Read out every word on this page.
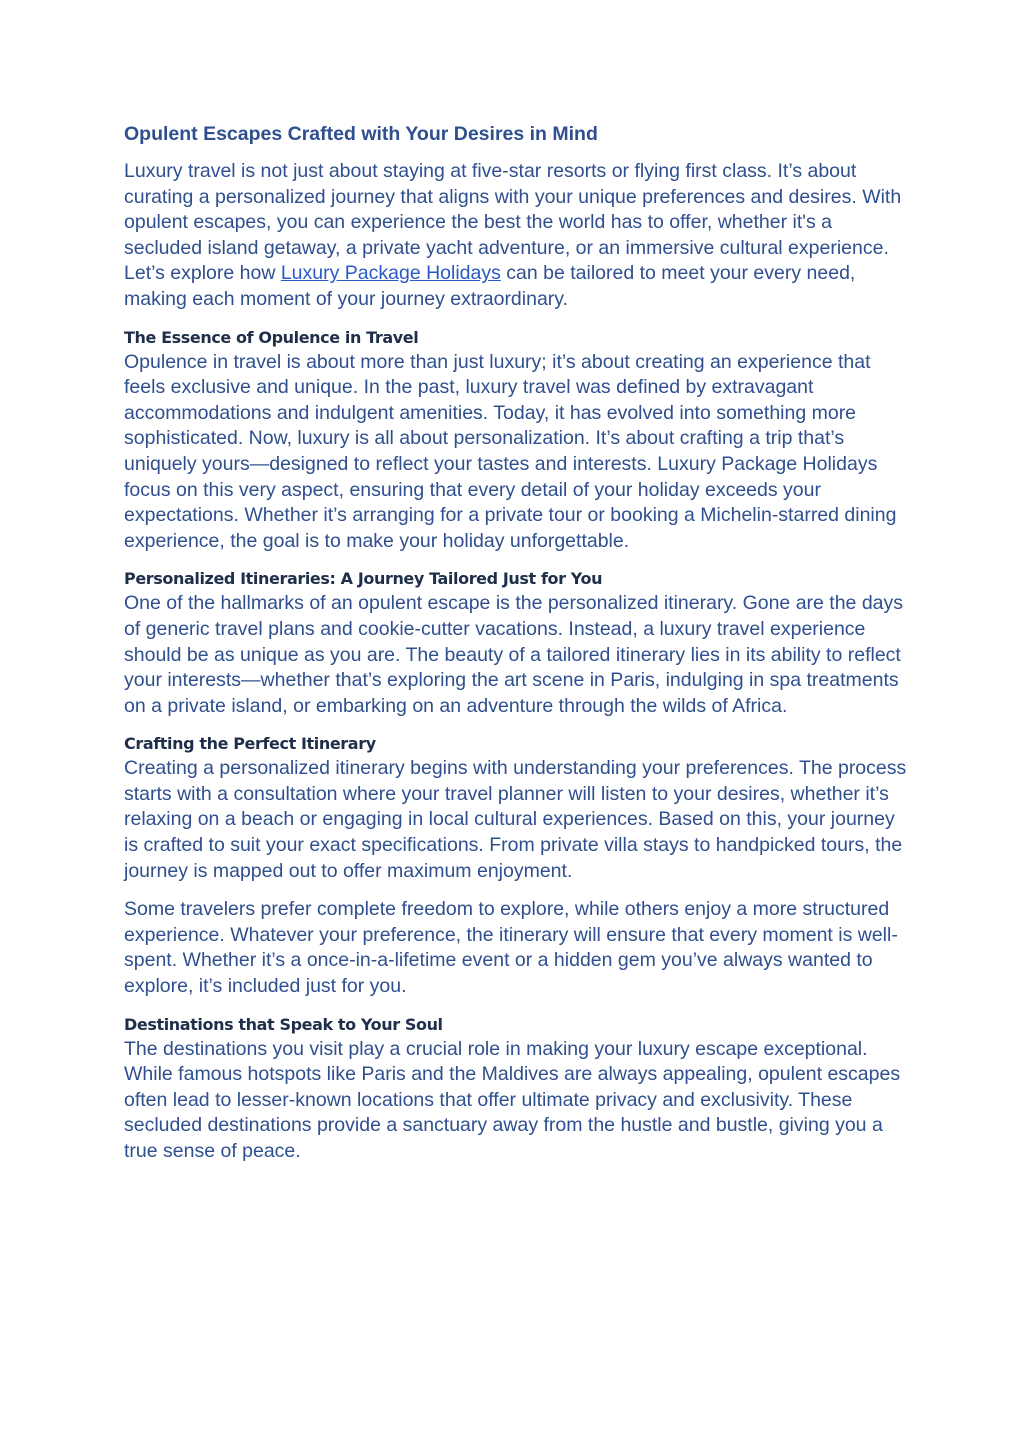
Opulent Escapes Crafted with Your Desires in Mind

Luxury travel is not just about staying at five-star resorts or flying first class. It’s about curating a personalized journey that aligns with your unique preferences and desires. With opulent escapes, you can experience the best the world has to offer, whether it's a secluded island getaway, a private yacht adventure, or an immersive cultural experience. Let’s explore how Luxury Package Holidays can be tailored to meet your every need, making each moment of your journey extraordinary.

The Essence of Opulence in Travel

Opulence in travel is about more than just luxury; it’s about creating an experience that feels exclusive and unique. In the past, luxury travel was defined by extravagant accommodations and indulgent amenities. Today, it has evolved into something more sophisticated. Now, luxury is all about personalization. It’s about crafting a trip that’s uniquely yours—designed to reflect your tastes and interests. Luxury Package Holidays focus on this very aspect, ensuring that every detail of your holiday exceeds your expectations. Whether it’s arranging for a private tour or booking a Michelin-starred dining experience, the goal is to make your holiday unforgettable.

Personalized Itineraries: A Journey Tailored Just for You

One of the hallmarks of an opulent escape is the personalized itinerary. Gone are the days of generic travel plans and cookie-cutter vacations. Instead, a luxury travel experience should be as unique as you are. The beauty of a tailored itinerary lies in its ability to reflect your interests—whether that’s exploring the art scene in Paris, indulging in spa treatments on a private island, or embarking on an adventure through the wilds of Africa.

Crafting the Perfect Itinerary

Creating a personalized itinerary begins with understanding your preferences. The process starts with a consultation where your travel planner will listen to your desires, whether it’s relaxing on a beach or engaging in local cultural experiences. Based on this, your journey is crafted to suit your exact specifications. From private villa stays to handpicked tours, the journey is mapped out to offer maximum enjoyment.

Some travelers prefer complete freedom to explore, while others enjoy a more structured experience. Whatever your preference, the itinerary will ensure that every moment is well-spent. Whether it’s a once-in-a-lifetime event or a hidden gem you’ve always wanted to explore, it’s included just for you.

Destinations that Speak to Your Soul

The destinations you visit play a crucial role in making your luxury escape exceptional. While famous hotspots like Paris and the Maldives are always appealing, opulent escapes often lead to lesser-known locations that offer ultimate privacy and exclusivity. These secluded destinations provide a sanctuary away from the hustle and bustle, giving you a true sense of peace.
